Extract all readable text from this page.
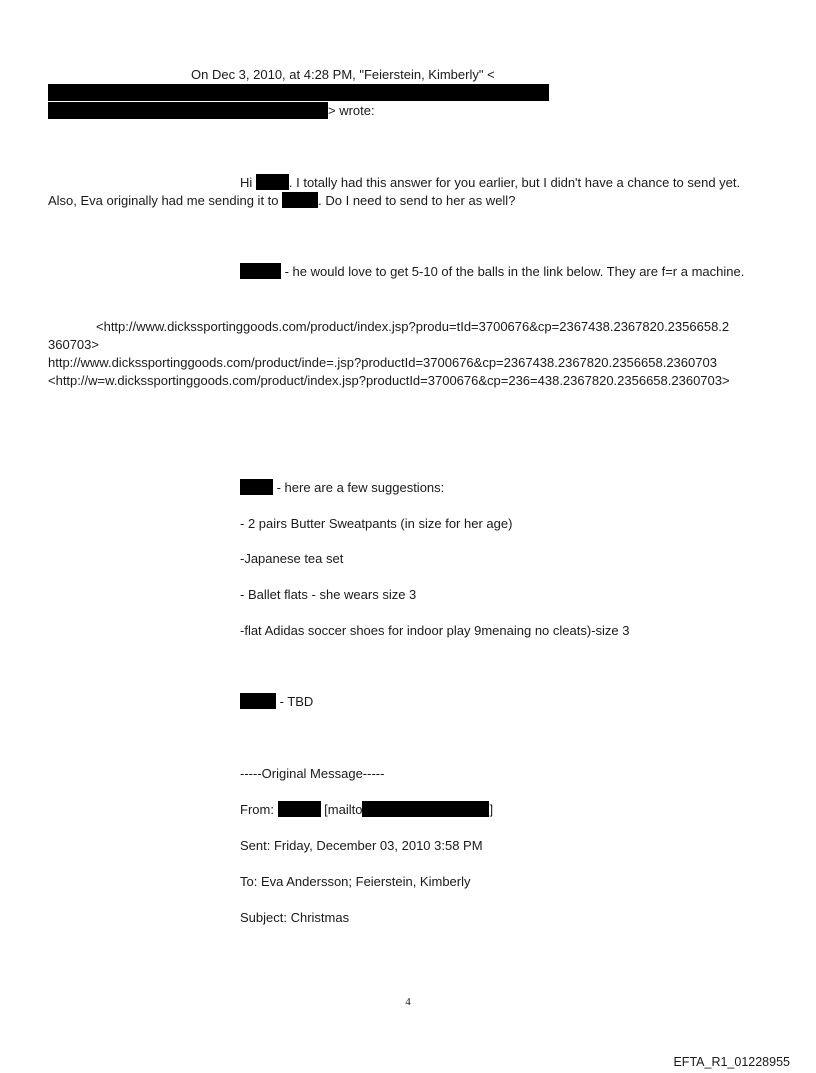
On Dec 3, 2010, at 4:28 PM, "Feierstein, Kimberly" <
> wrote:
Hi	. I totally had this answer for you earlier, but I didn't have a chance to send yet.
Also, Eva originally had me sending it to	. Do I need to send to her as well?
- he would love to get 5-10 of the balls in the link below. They are f=r a machine.
<http://www.dickssportinggoods.com/product/index.jsp?produ=tId=3700676&cp=2367438.2367820.2356658.2
360703>
http://www.dickssportinggoods.com/product/inde=.jsp?productId=3700676&cp=2367438.2367820.2356658.2360703
<http://w=w.dickssportinggoods.com/product/index.jsp?productId=3700676&cp=236=438.2367820.2356658.2360703>
- here are a few suggestions:
- 2 pairs Butter Sweatpants (in size for her age)
-Japanese tea set
- Ballet flats - she wears size 3
-flat Adidas soccer shoes for indoor play 9menaing no cleats)-size 3
- TBD
-----Original Message-----
From:	[mailto	]
Sent: Friday, December 03, 2010 3:58 PM
To: Eva Andersson; Feierstein, Kimberly
Subject: Christmas
4
EFTA_R1_01228955
